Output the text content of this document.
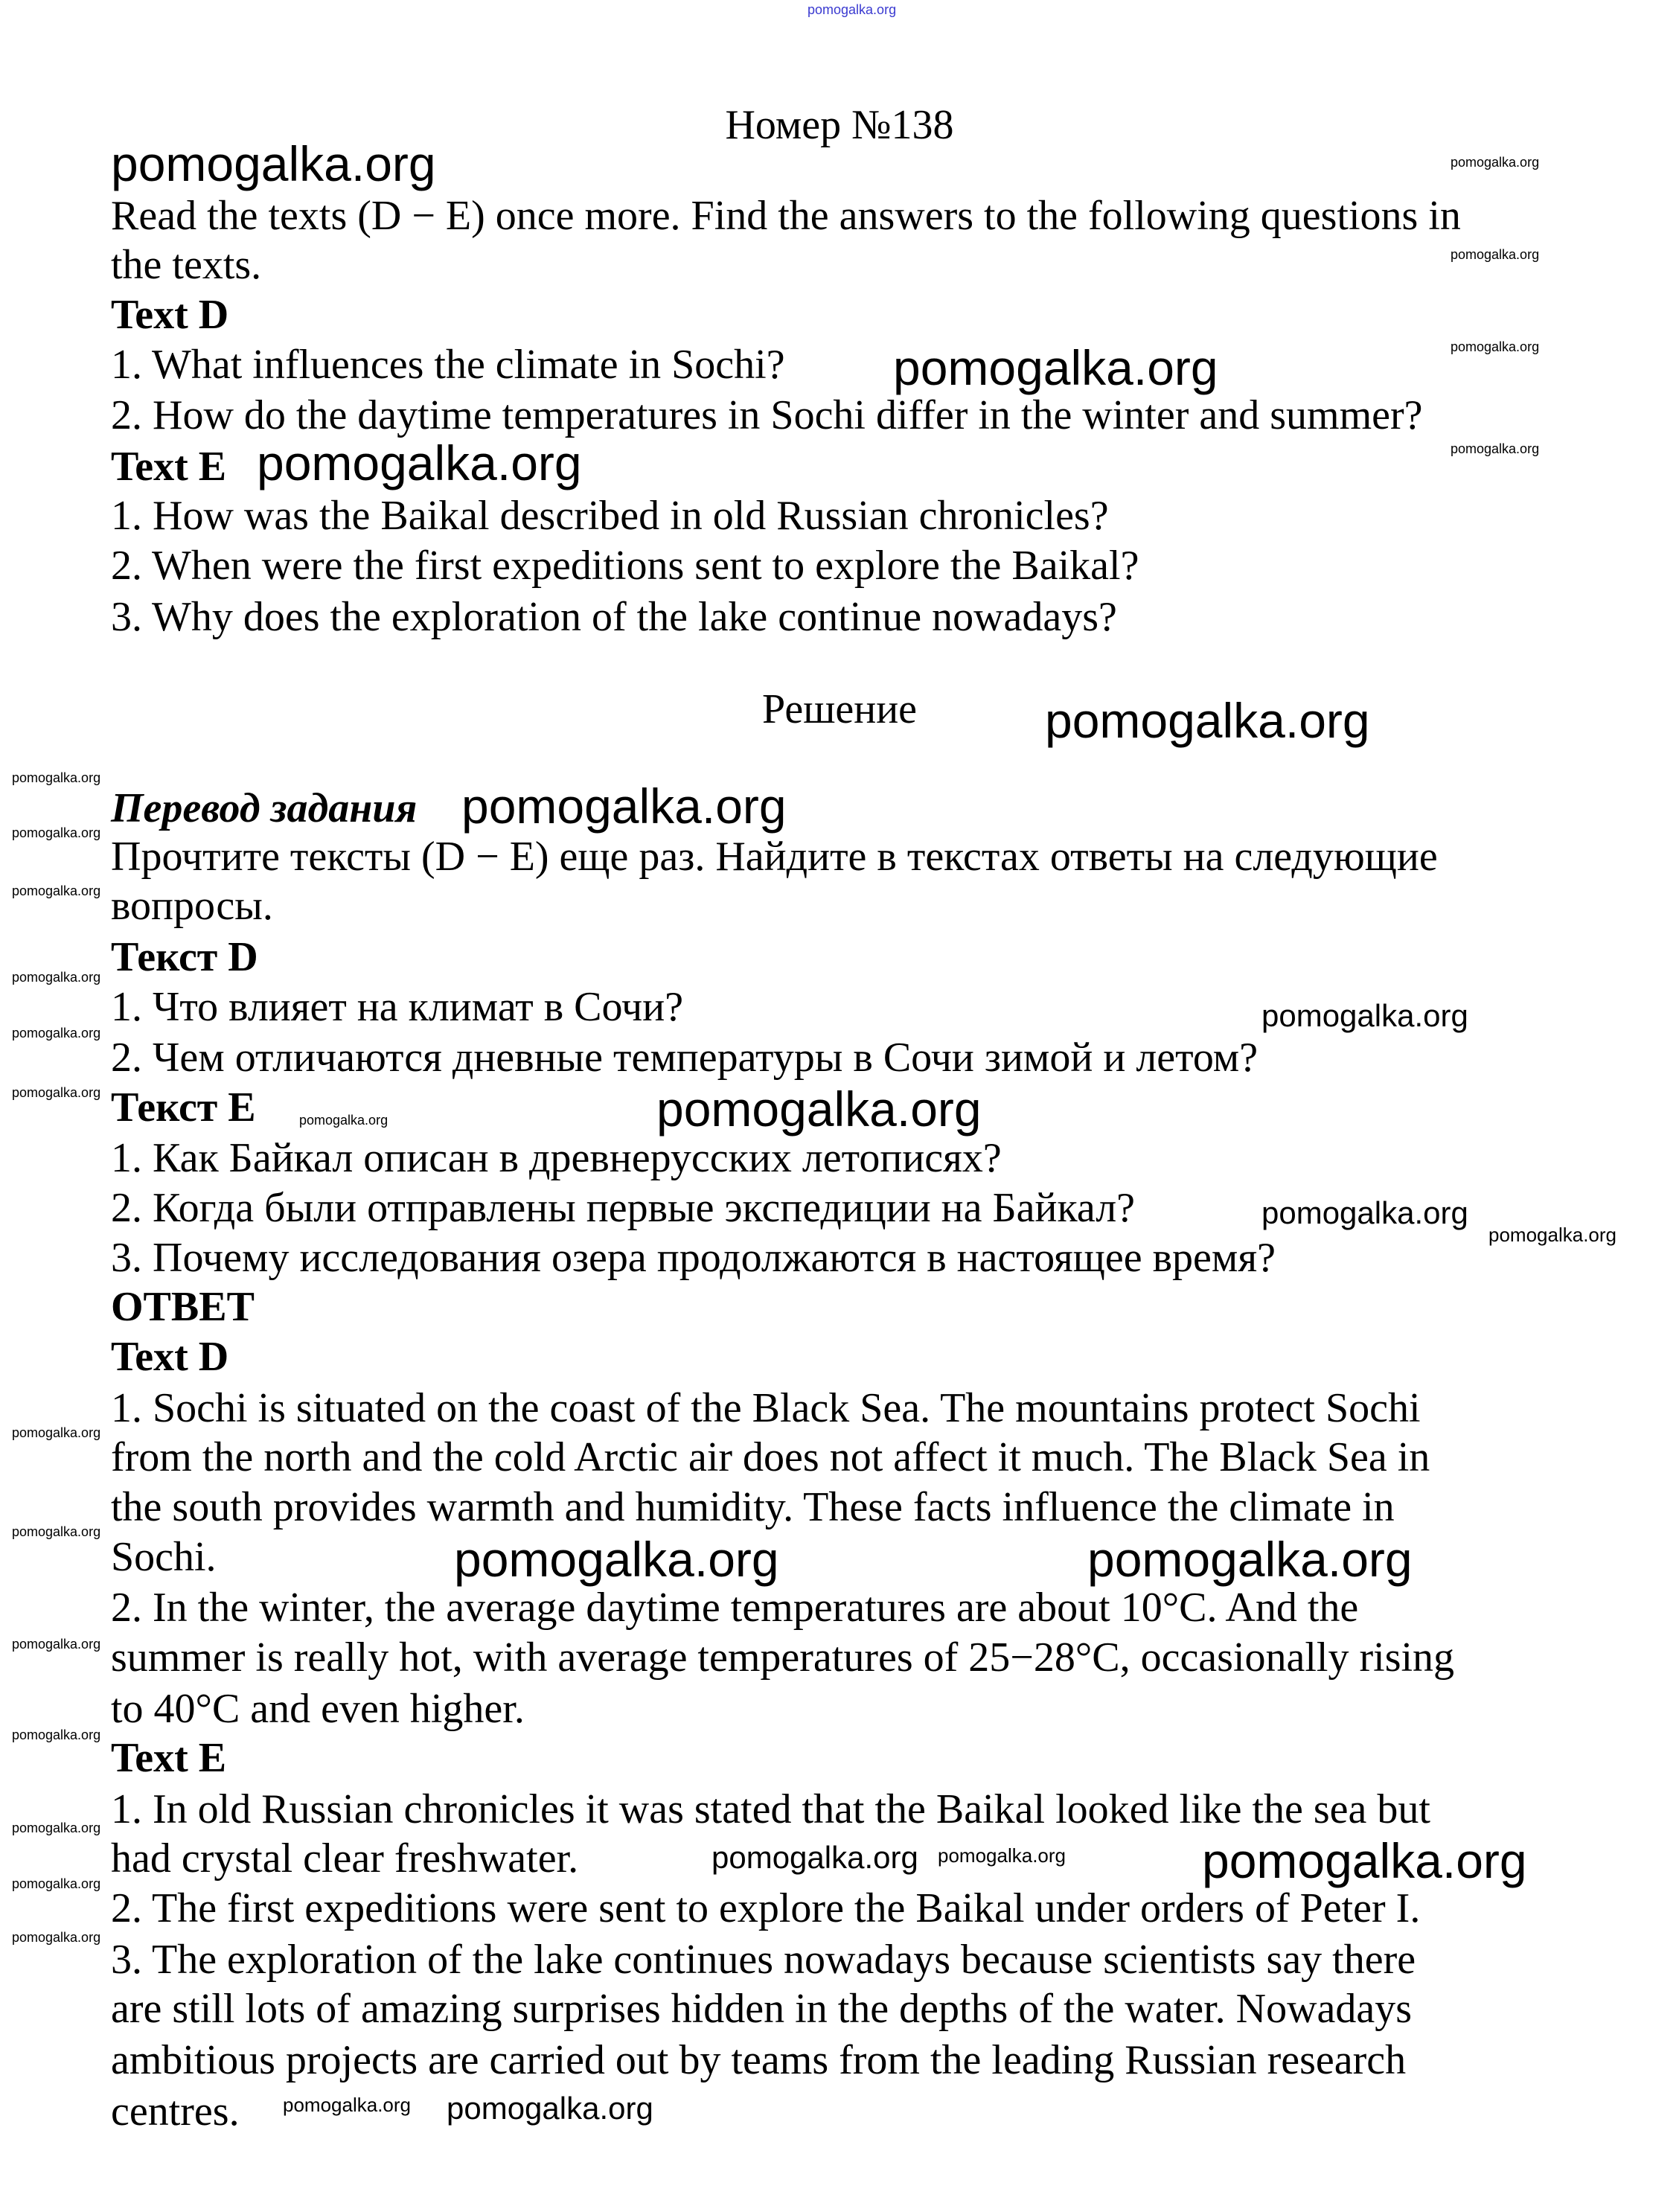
pomogalka.org
Номер №138
Read the texts (D − E) once more. Find the answers to the following questions in
the texts.
Text D
1. What influences the climate in Sochi?
2. How do the daytime temperatures in Sochi differ in the winter and summer?
Text E
1. How was the Baikal described in old Russian chronicles?
2. When were the first expeditions sent to explore the Baikal?
3. Why does the exploration of the lake continue nowadays?
Решение
Перевод задания
Прочтите тексты (D − E) еще раз. Найдите в текстах ответы на следующие
вопросы.
Текст D
1. Что влияет на климат в Сочи?
2. Чем отличаются дневные температуры в Сочи зимой и летом?
Текст E
1. Как Байкал описан в древнерусских летописях?
2. Когда были отправлены первые экспедиции на Байкал?
3. Почему исследования озера продолжаются в настоящее время?
ОТВЕТ
Text D
1. Sochi is situated on the coast of the Black Sea. The mountains protect Sochi
from the north and the cold Arctic air does not affect it much. The Black Sea in
the south provides warmth and humidity. These facts influence the climate in
Sochi.
2. In the winter, the average daytime temperatures are about 10°C. And the
summer is really hot, with average temperatures of 25−28°C, occasionally rising
to 40°C and even higher.
Text E
1. In old Russian chronicles it was stated that the Baikal looked like the sea but
had crystal clear freshwater.
2. The first expeditions were sent to explore the Baikal under orders of Peter I.
3. The exploration of the lake continues nowadays because scientists say there
are still lots of amazing surprises hidden in the depths of the water. Nowadays
ambitious projects are carried out by teams from the leading Russian research
centres.
pomogalka.org
pomogalka.org
pomogalka.org
pomogalka.org
pomogalka.org
pomogalka.org
pomogalka.org	pomogalka.org
pomogalka.org
pomogalka.org
pomogalka.org
pomogalka.org
pomogalka.org
pomogalka.org
pomogalka.org
pomogalka.org
pomogalka.org
pomogalka.org
pomogalka.org
pomogalka.org
pomogalka.org
pomogalka.org
pomogalka.org
pomogalka.org
pomogalka.org
pomogalka.org
pomogalka.org
pomogalka.org
pomogalka.org
pomogalka.org
pomogalka.org
pomogalka.org
pomogalka.org
pomogalka.org
